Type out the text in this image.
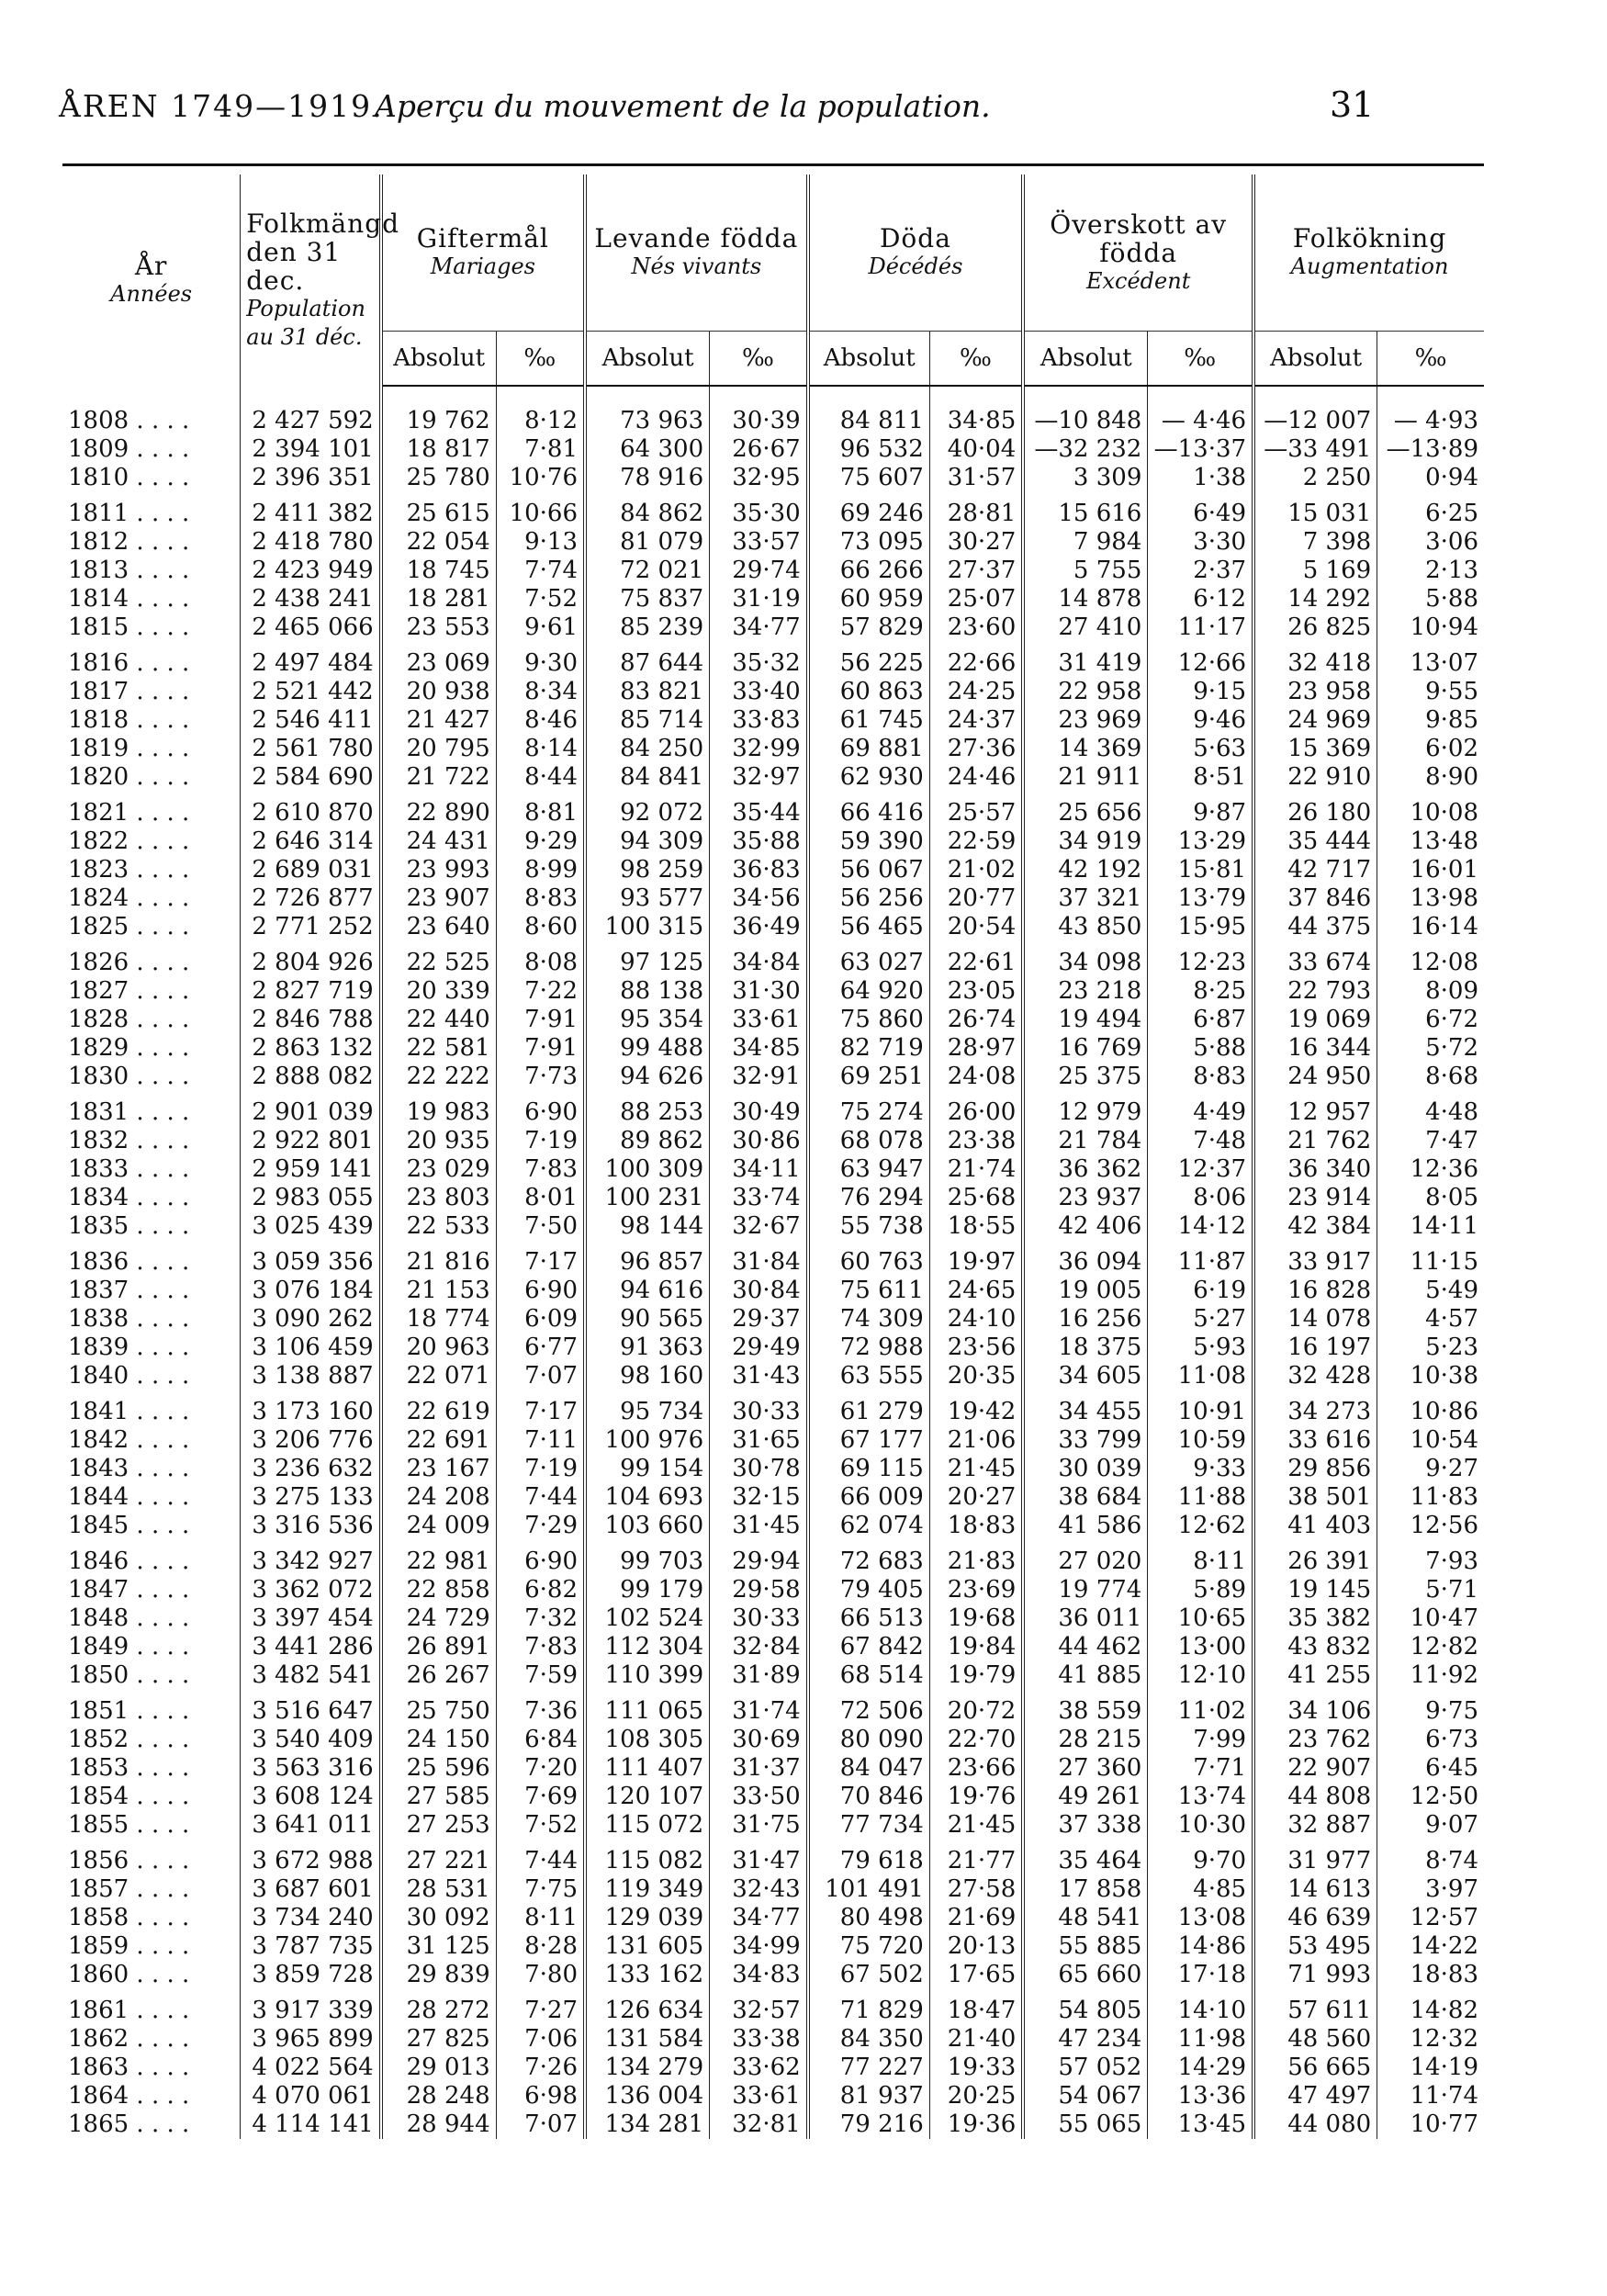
ÅREN 1749—1919.
Aperçu du mouvement de la population.	31
År
Années	Folkmängd
den 31 dec.
Population
au 31 déc.	Giftermål
Mariages		Levande födda
Nés vivants		Döda
Décédés		Överskott av
födda
Excédent		Folkökning
Augmentation	

		Absolut	‰	Absolut	‰	Absolut	‰	Absolut	‰	Absolut	‰
1808 . . . .	2 427 592	19 762	8·12	73 963	30·39	84 811	34·85	—10 848	— 4·46	—12 007	— 4·93
1809 . . . .	2 394 101	18 817	7·81	64 300	26·67	96 532	40·04	—32 232	—13·37	—33 491	—13·89
1810 . . . .	2 396 351	25 780	10·76	78 916	32·95	75 607	31·57	3 309	1·38	2 250	0·94
1811 . . . .	2 411 382	25 615	10·66	84 862	35·30	69 246	28·81	15 616	6·49	15 031	6·25
1812 . . . .	2 418 780	22 054	9·13	81 079	33·57	73 095	30·27	7 984	3·30	7 398	3·06
1813 . . . .	2 423 949	18 745	7·74	72 021	29·74	66 266	27·37	5 755	2·37	5 169	2·13
1814 . . . .	2 438 241	18 281	7·52	75 837	31·19	60 959	25·07	14 878	6·12	14 292	5·88
1815 . . . .	2 465 066	23 553	9·61	85 239	34·77	57 829	23·60	27 410	11·17	26 825	10·94
1816 . . . .	2 497 484	23 069	9·30	87 644	35·32	56 225	22·66	31 419	12·66	32 418	13·07
1817 . . . .	2 521 442	20 938	8·34	83 821	33·40	60 863	24·25	22 958	9·15	23 958	9·55
1818 . . . .	2 546 411	21 427	8·46	85 714	33·83	61 745	24·37	23 969	9·46	24 969	9·85
1819 . . . .	2 561 780	20 795	8·14	84 250	32·99	69 881	27·36	14 369	5·63	15 369	6·02
1820 . . . .	2 584 690	21 722	8·44	84 841	32·97	62 930	24·46	21 911	8·51	22 910	8·90
1821 . . . .	2 610 870	22 890	8·81	92 072	35·44	66 416	25·57	25 656	9·87	26 180	10·08
1822 . . . .	2 646 314	24 431	9·29	94 309	35·88	59 390	22·59	34 919	13·29	35 444	13·48
1823 . . . .	2 689 031	23 993	8·99	98 259	36·83	56 067	21·02	42 192	15·81	42 717	16·01
1824 . . . .	2 726 877	23 907	8·83	93 577	34·56	56 256	20·77	37 321	13·79	37 846	13·98
1825 . . . .	2 771 252	23 640	8·60	100 315	36·49	56 465	20·54	43 850	15·95	44 375	16·14
1826 . . . .	2 804 926	22 525	8·08	97 125	34·84	63 027	22·61	34 098	12·23	33 674	12·08
1827 . . . .	2 827 719	20 339	7·22	88 138	31·30	64 920	23·05	23 218	8·25	22 793	8·09
1828 . . . .	2 846 788	22 440	7·91	95 354	33·61	75 860	26·74	19 494	6·87	19 069	6·72
1829 . . . .	2 863 132	22 581	7·91	99 488	34·85	82 719	28·97	16 769	5·88	16 344	5·72
1830 . . . .	2 888 082	22 222	7·73	94 626	32·91	69 251	24·08	25 375	8·83	24 950	8·68
1831 . . . .	2 901 039	19 983	6·90	88 253	30·49	75 274	26·00	12 979	4·49	12 957	4·48
1832 . . . .	2 922 801	20 935	7·19	89 862	30·86	68 078	23·38	21 784	7·48	21 762	7·47
1833 . . . .	2 959 141	23 029	7·83	100 309	34·11	63 947	21·74	36 362	12·37	36 340	12·36
1834 . . . .	2 983 055	23 803	8·01	100 231	33·74	76 294	25·68	23 937	8·06	23 914	8·05
1835 . . . .	3 025 439	22 533	7·50	98 144	32·67	55 738	18·55	42 406	14·12	42 384	14·11
1836 . . . .	3 059 356	21 816	7·17	96 857	31·84	60 763	19·97	36 094	11·87	33 917	11·15
1837 . . . .	3 076 184	21 153	6·90	94 616	30·84	75 611	24·65	19 005	6·19	16 828	5·49
1838 . . . .	3 090 262	18 774	6·09	90 565	29·37	74 309	24·10	16 256	5·27	14 078	4·57
1839 . . . .	3 106 459	20 963	6·77	91 363	29·49	72 988	23·56	18 375	5·93	16 197	5·23
1840 . . . .	3 138 887	22 071	7·07	98 160	31·43	63 555	20·35	34 605	11·08	32 428	10·38
1841 . . . .	3 173 160	22 619	7·17	95 734	30·33	61 279	19·42	34 455	10·91	34 273	10·86
1842 . . . .	3 206 776	22 691	7·11	100 976	31·65	67 177	21·06	33 799	10·59	33 616	10·54
1843 . . . .	3 236 632	23 167	7·19	99 154	30·78	69 115	21·45	30 039	9·33	29 856	9·27
1844 . . . .	3 275 133	24 208	7·44	104 693	32·15	66 009	20·27	38 684	11·88	38 501	11·83
1845 . . . .	3 316 536	24 009	7·29	103 660	31·45	62 074	18·83	41 586	12·62	41 403	12·56
1846 . . . .	3 342 927	22 981	6·90	99 703	29·94	72 683	21·83	27 020	8·11	26 391	7·93
1847 . . . .	3 362 072	22 858	6·82	99 179	29·58	79 405	23·69	19 774	5·89	19 145	5·71
1848 . . . .	3 397 454	24 729	7·32	102 524	30·33	66 513	19·68	36 011	10·65	35 382	10·47
1849 . . . .	3 441 286	26 891	7·83	112 304	32·84	67 842	19·84	44 462	13·00	43 832	12·82
1850 . . . .	3 482 541	26 267	7·59	110 399	31·89	68 514	19·79	41 885	12·10	41 255	11·92
1851 . . . .	3 516 647	25 750	7·36	111 065	31·74	72 506	20·72	38 559	11·02	34 106	9·75
1852 . . . .	3 540 409	24 150	6·84	108 305	30·69	80 090	22·70	28 215	7·99	23 762	6·73
1853 . . . .	3 563 316	25 596	7·20	111 407	31·37	84 047	23·66	27 360	7·71	22 907	6·45
1854 . . . .	3 608 124	27 585	7·69	120 107	33·50	70 846	19·76	49 261	13·74	44 808	12·50
1855 . . . .	3 641 011	27 253	7·52	115 072	31·75	77 734	21·45	37 338	10·30	32 887	9·07
1856 . . . .	3 672 988	27 221	7·44	115 082	31·47	79 618	21·77	35 464	9·70	31 977	8·74
1857 . . . .	3 687 601	28 531	7·75	119 349	32·43	101 491	27·58	17 858	4·85	14 613	3·97
1858 . . . .	3 734 240	30 092	8·11	129 039	34·77	80 498	21·69	48 541	13·08	46 639	12·57
1859 . . . .	3 787 735	31 125	8·28	131 605	34·99	75 720	20·13	55 885	14·86	53 495	14·22
1860 . . . .	3 859 728	29 839	7·80	133 162	34·83	67 502	17·65	65 660	17·18	71 993	18·83
1861 . . . .	3 917 339	28 272	7·27	126 634	32·57	71 829	18·47	54 805	14·10	57 611	14·82
1862 . . . .	3 965 899	27 825	7·06	131 584	33·38	84 350	21·40	47 234	11·98	48 560	12·32
1863 . . . .	4 022 564	29 013	7·26	134 279	33·62	77 227	19·33	57 052	14·29	56 665	14·19
1864 . . . .	4 070 061	28 248	6·98	136 004	33·61	81 937	20·25	54 067	13·36	47 497	11·74
1865 . . . .	4 114 141	28 944	7·07	134 281	32·81	79 216	19·36	55 065	13·45	44 080	10·77
